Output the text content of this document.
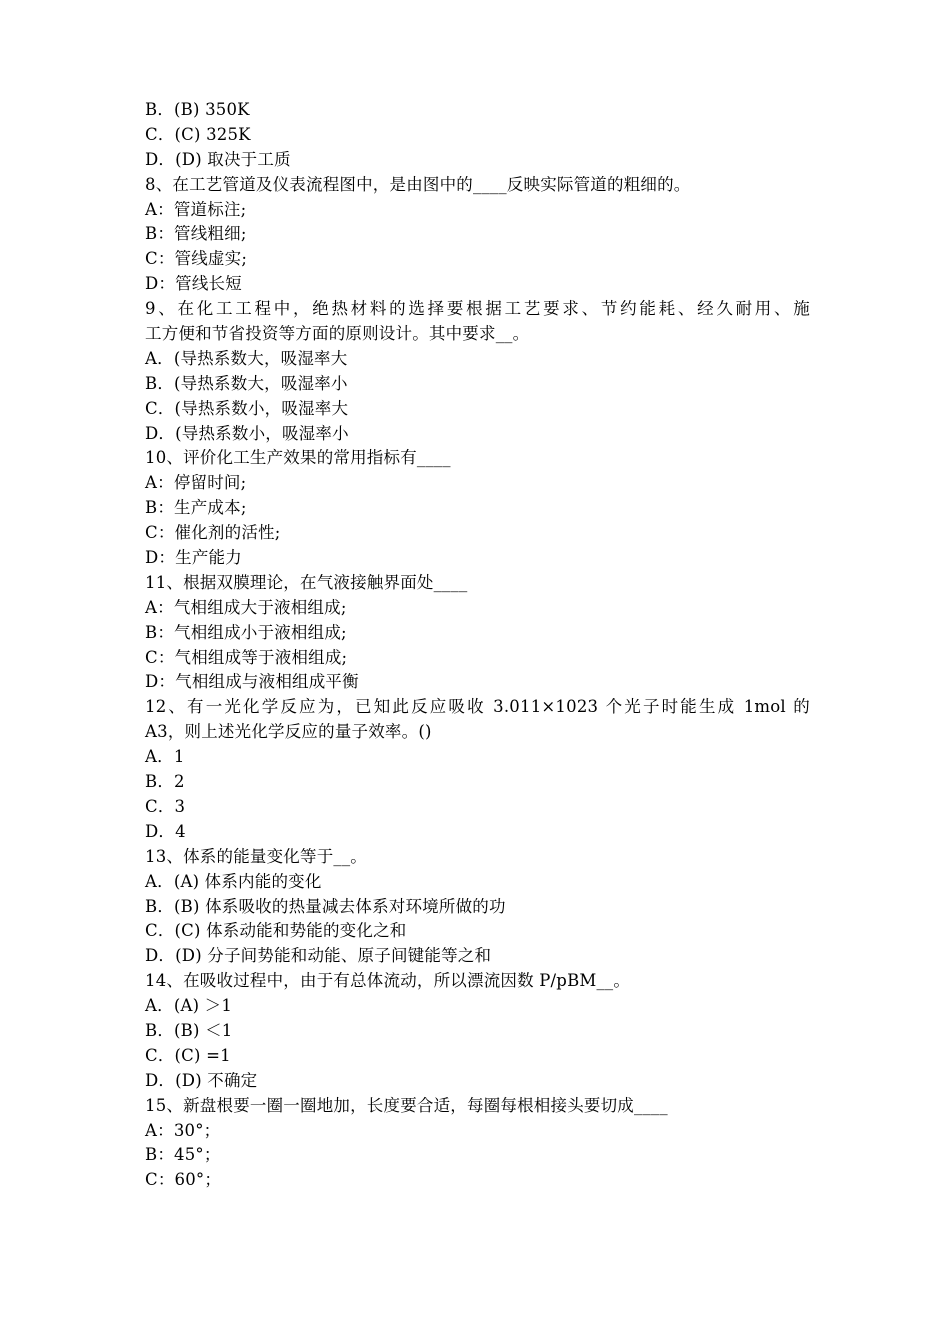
B．(B) 350K
C．(C) 325K
D．(D) 取决于工质
8、在工艺管道及仪表流程图中，是由图中的____反映实际管道的粗细的。
A：管道标注;
B：管线粗细;
C：管线虚实;
D：管线长短
9、在化工工程中，绝热材料的选择要根据工艺要求、节约能耗、经久耐用、施
工方便和节省投资等方面的原则设计。其中要求__。
A．(导热系数大，吸湿率大
B．(导热系数大，吸湿率小
C．(导热系数小，吸湿率大
D．(导热系数小，吸湿率小
10、评价化工生产效果的常用指标有____
A：停留时间;
B：生产成本;
C：催化剂的活性;
D：生产能力
11、根据双膜理论，在气液接触界面处____
A：气相组成大于液相组成;
B：气相组成小于液相组成;
C：气相组成等于液相组成;
D：气相组成与液相组成平衡
12、有一光化学反应为，已知此反应吸收 3.011×1023 个光子时能生成 1mol 的
A3，则上述光化学反应的量子效率。()
A．1
B．2
C．3
D．4
13、体系的能量变化等于__。
A．(A) 体系内能的变化
B．(B) 体系吸收的热量减去体系对环境所做的功
C．(C) 体系动能和势能的变化之和
D．(D) 分子间势能和动能、原子间键能等之和
14、在吸收过程中，由于有总体流动，所以漂流因数 P/pBM__。
A．(A) ＞1
B．(B) ＜1
C．(C) =1
D．(D) 不确定
15、新盘根要一圈一圈地加，长度要合适，每圈每根相接头要切成____
A：30°；
B：45°；
C：60°；
